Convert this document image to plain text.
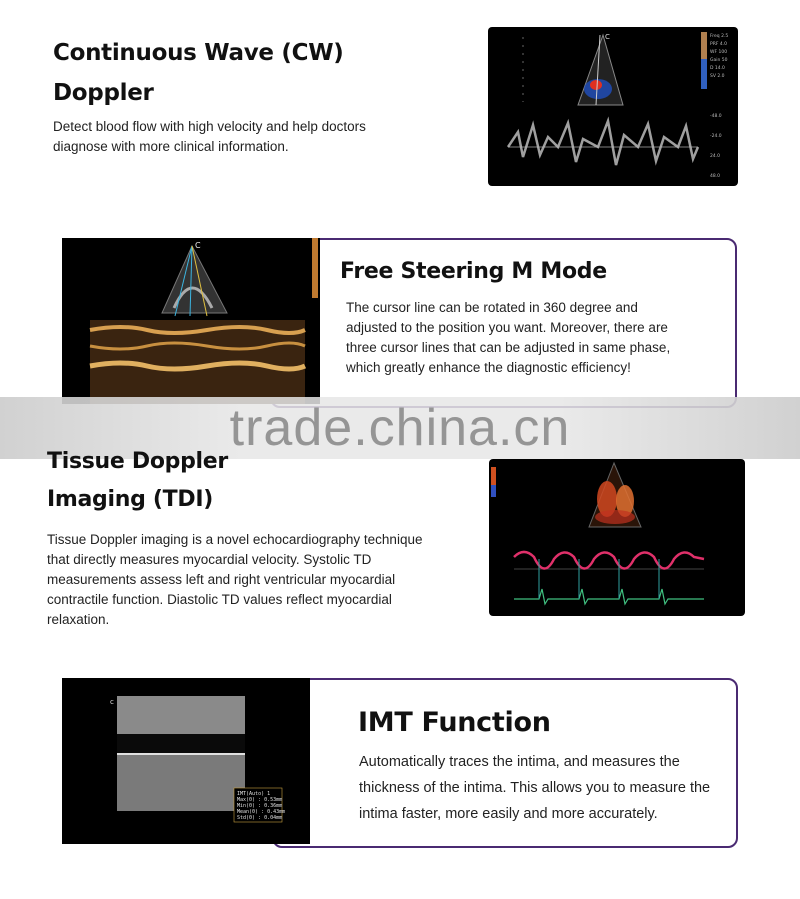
Continuous Wave (CW)
Doppler

Detect blood flow with high velocity and help doctors diagnose with more clinical information.

C	Freq 2.5
PRF 4.0
WF 100
Gain 50
D 14.0
SV 2.0
-48.0
-24.0
24.0
48.0
C
Free Steering M Mode

The cursor line can be rotated in 360 degree and adjusted to the position you want. Moreover, there are three cursor lines that can be adjusted in same phase, which greatly enhance the diagnostic efficiency!

trade.china.cn
Tissue Doppler
Imaging (TDI)

Tissue Doppler imaging is a novel echocardiography technique that directly measures myocardial velocity. Systolic TD measurements assess left and right ventricular myocardial contractile function. Diastolic TD values reflect myocardial relaxation.

c
IMT(Auto) 1
Max(0) : 0.53mm
Min(0) : 0.36mm
Mean(0) : 0.43mm
Std(0) : 0.04mm
IMT Function

Automatically traces the intima, and measures the thickness of the intima. This allows you to measure the intima faster, more easily and more accurately.
